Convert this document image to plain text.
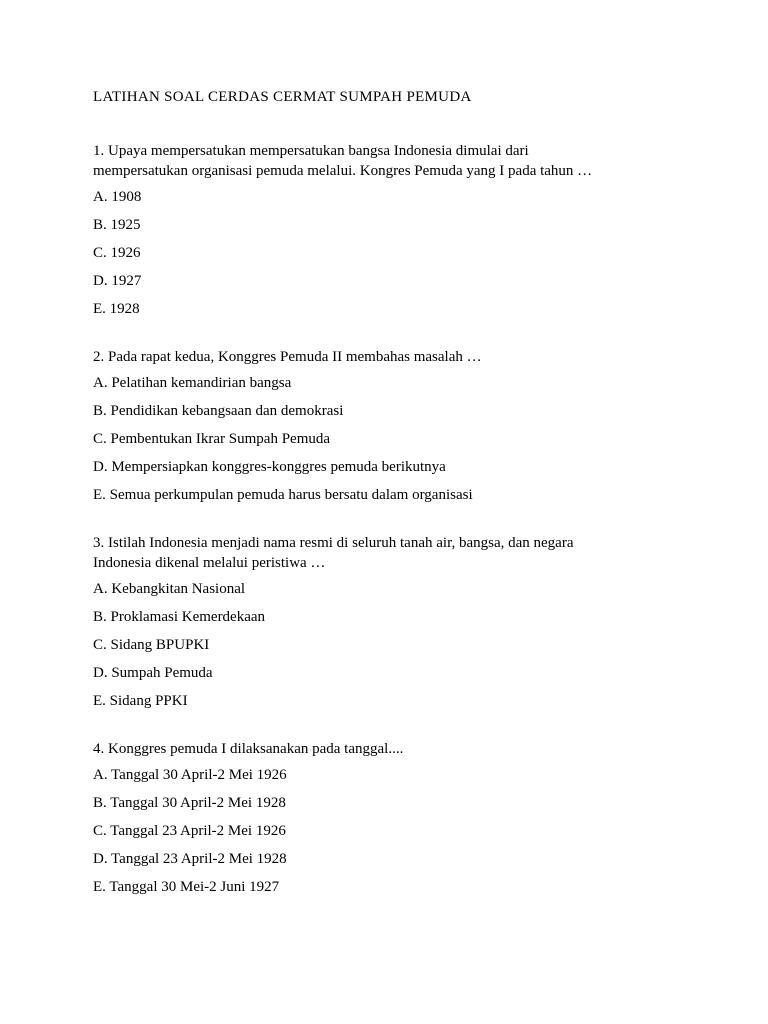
LATIHAN SOAL CERDAS CERMAT SUMPAH PEMUDA
1. Upaya mempersatukan mempersatukan bangsa Indonesia dimulai dari
mempersatukan organisasi pemuda melalui. Kongres Pemuda yang I pada tahun …

A. 1908

B. 1925

C. 1926

D. 1927

E. 1928

2. Pada rapat kedua, Konggres Pemuda II membahas masalah …

A. Pelatihan kemandirian bangsa

B. Pendidikan kebangsaan dan demokrasi

C. Pembentukan Ikrar Sumpah Pemuda

D. Mempersiapkan konggres-konggres pemuda berikutnya

E. Semua perkumpulan pemuda harus bersatu dalam organisasi

3. Istilah Indonesia menjadi nama resmi di seluruh tanah air, bangsa, dan negara
Indonesia dikenal melalui peristiwa …

A. Kebangkitan Nasional

B. Proklamasi Kemerdekaan

C. Sidang BPUPKI

D. Sumpah Pemuda

E. Sidang PPKI

4. Konggres pemuda I dilaksanakan pada tanggal....

A. Tanggal 30 April-2 Mei 1926

B. Tanggal 30 April-2 Mei 1928

C. Tanggal 23 April-2 Mei 1926

D. Tanggal 23 April-2 Mei 1928

E. Tanggal 30 Mei-2 Juni 1927
